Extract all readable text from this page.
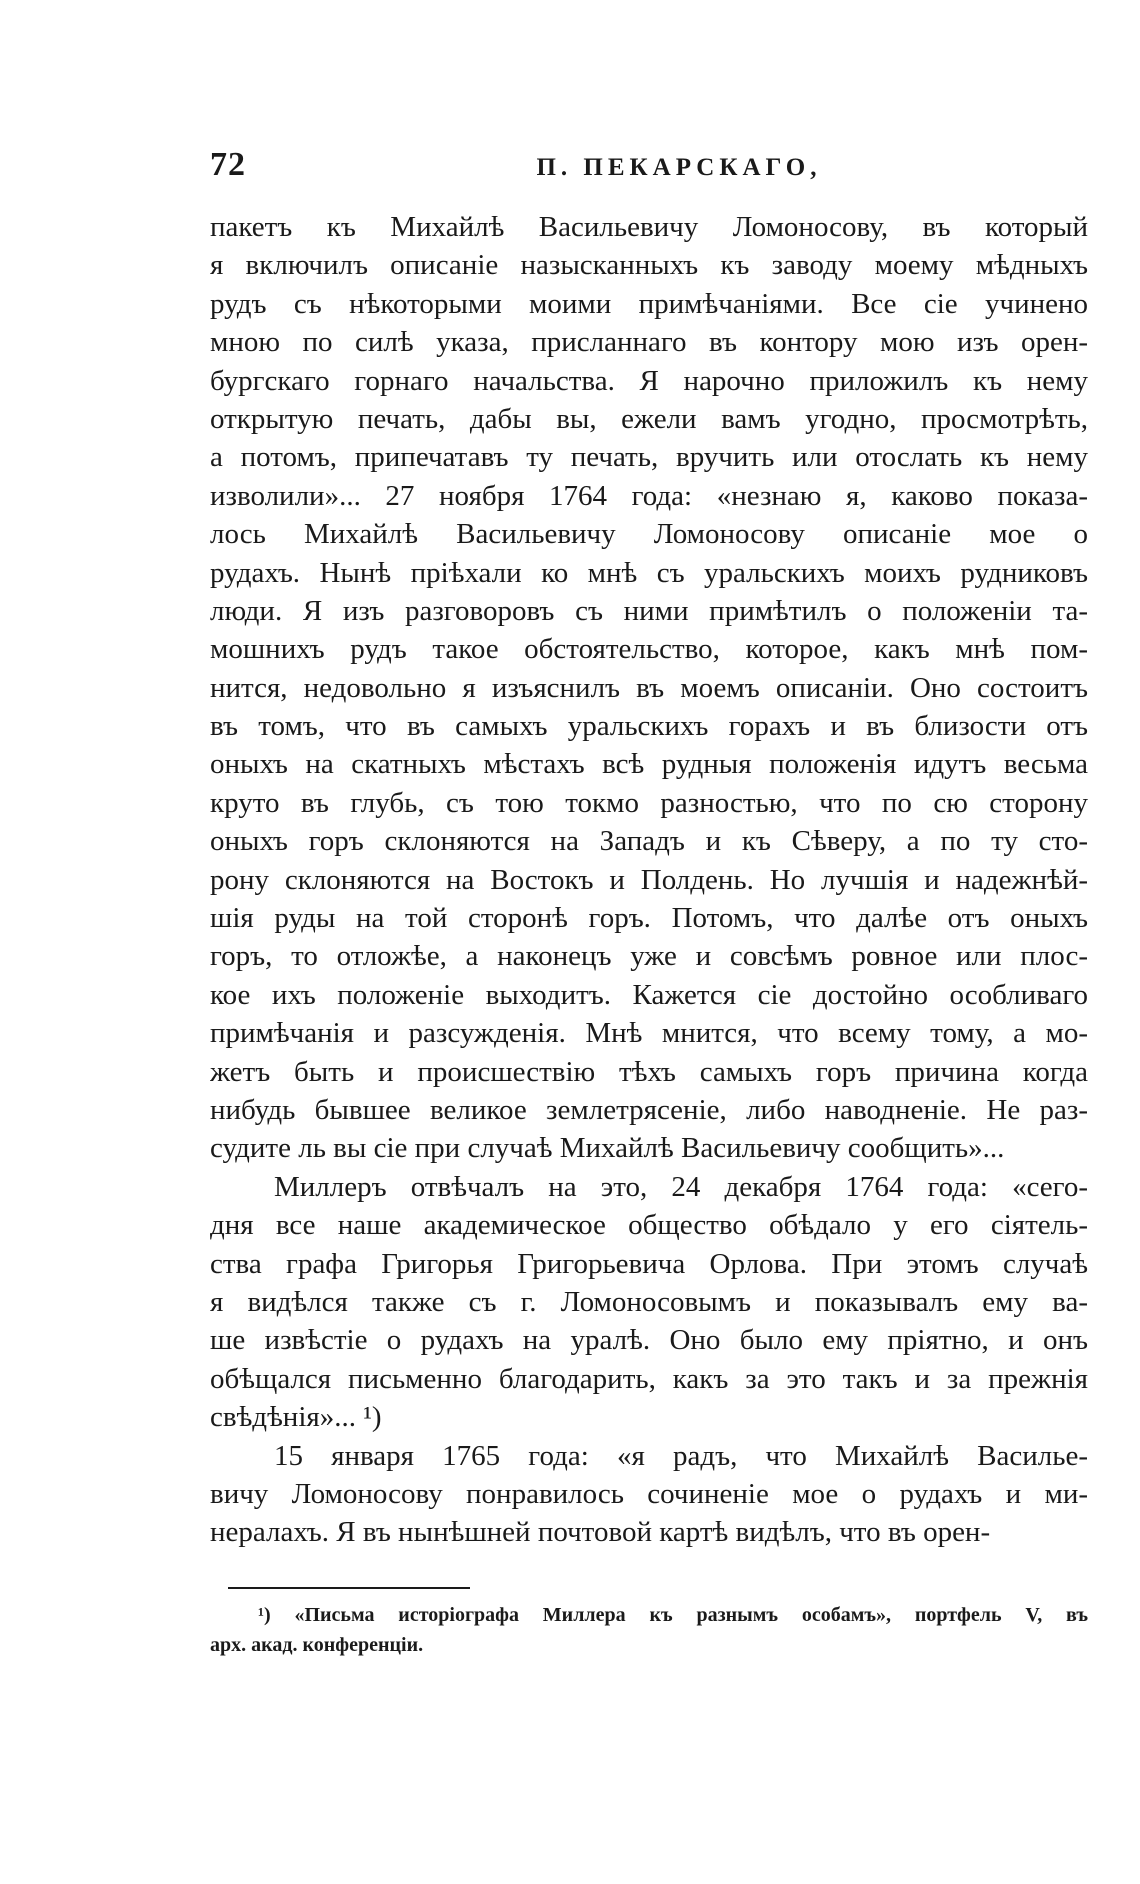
72	П. ПЕКАРСКАГО,
пакетъ къ Михайлѣ Васильевичу Ломоносову, въ который
я включилъ описаніе назысканныхъ къ заводу моему мѣдныхъ
рудъ съ нѣкоторыми моими примѣчаніями. Все сіе учинено
мною по силѣ указа, присланнаго въ контору мою изъ орен-
бургскаго горнаго начальства. Я нарочно приложилъ къ нему
открытую печать, дабы вы, ежели вамъ угодно, просмотрѣть,
а потомъ, припечатавъ ту печать, вручить или отослать къ нему
изволили»... 27 ноября 1764 года: «незнаю я, каково показа-
лось Михайлѣ Васильевичу Ломоносову описаніе мое о
рудахъ. Нынѣ пріѣхали ко мнѣ съ уральскихъ моихъ рудниковъ
люди. Я изъ разговоровъ съ ними примѣтилъ о положеніи та-
мошнихъ рудъ такое обстоятельство, которое, какъ мнѣ пом-
нится, недовольно я изъяснилъ въ моемъ описаніи. Оно состоитъ
въ томъ, что въ самыхъ уральскихъ горахъ и въ близости отъ
оныхъ на скатныхъ мѣстахъ всѣ рудныя положенія идутъ весьма
круто въ глубь, съ тою токмо разностью, что по сю сторону
оныхъ горъ склоняются на Западъ и къ Сѣверу, а по ту сто-
рону склоняются на Востокъ и Полдень. Но лучшія и надежнѣй-
шія руды на той сторонѣ горъ. Потомъ, что далѣе отъ оныхъ
горъ, то отложѣе, а наконецъ уже и совсѣмъ ровное или плос-
кое ихъ положеніе выходитъ. Кажется сіе достойно особливаго
примѣчанія и разсужденія. Мнѣ мнится, что всему тому, а мо-
жетъ быть и происшествію тѣхъ самыхъ горъ причина когда
нибудь бывшее великое землетрясеніе, либо наводненіе. Не раз-
судите ль вы сіе при случаѣ Михайлѣ Васильевичу сообщить»...
Миллеръ отвѣчалъ на это, 24 декабря 1764 года: «сего-
дня все наше академическое общество обѣдало у его сіятель-
ства графа Григорья Григорьевича Орлова. При этомъ случаѣ
я видѣлся также съ г. Ломоносовымъ и показывалъ ему ва-
ше извѣстіе о рудахъ на уралѣ. Оно было ему пріятно, и онъ
обѣщался письменно благодарить, какъ за это такъ и за прежнія
свѣдѣнія»... ¹)
15 января 1765 года: «я радъ, что Михайлѣ Василье-
вичу Ломоносову понравилось сочиненіе мое о рудахъ и ми-
нералахъ. Я въ нынѣшней почтовой картѣ видѣлъ, что въ орен-
¹) «Письма исторіографа Миллера къ разнымъ особамъ», портфель V, въ
арх. акад. конференціи.
